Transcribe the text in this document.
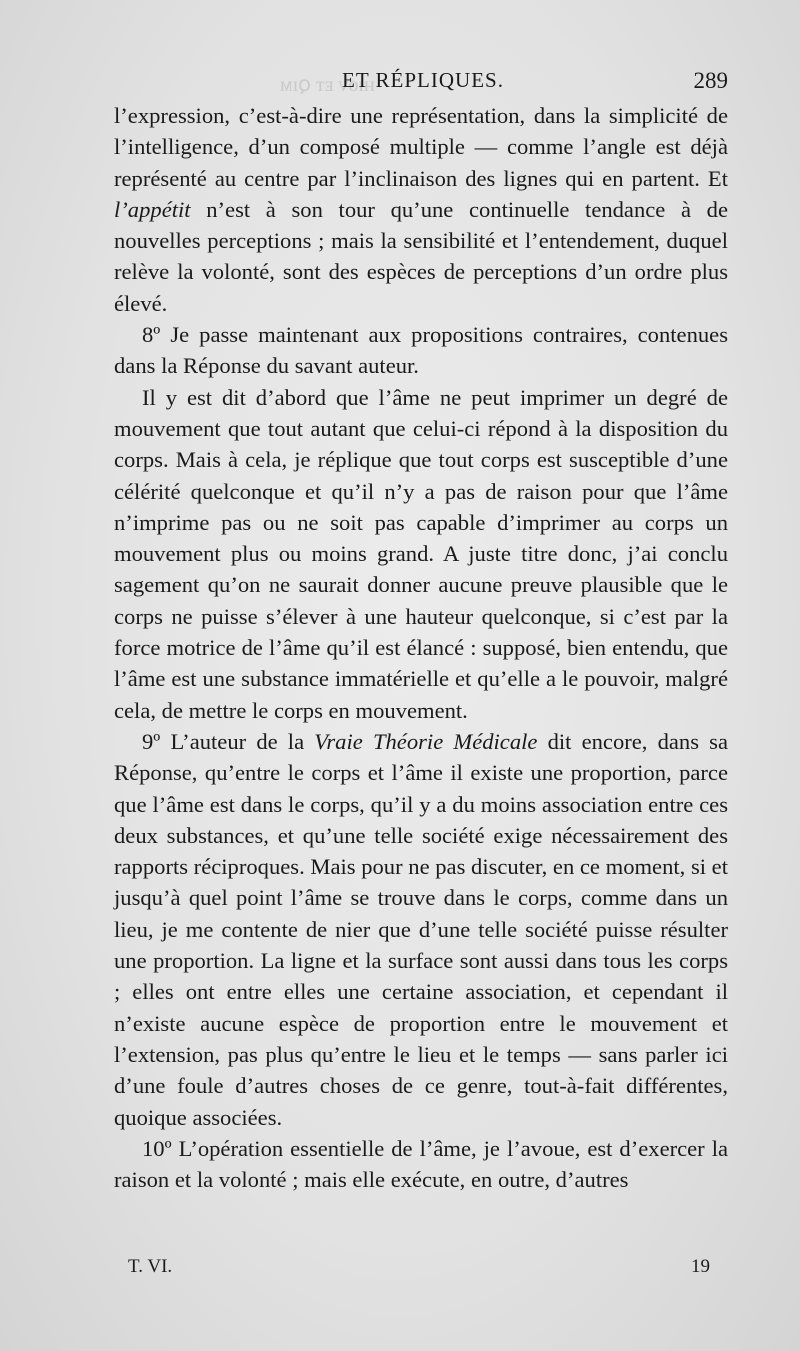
ʜɪᴏᴠ ᴇᴛ ꞯɪᴍ
ET RÉPLIQUES.	289

l’expression, c’est-à-dire une représentation, dans la simplicité de l’intelligence, d’un composé multiple — comme l’angle est déjà représenté au centre par l’inclinaison des lignes qui en partent. Et l’appétit n’est à son tour qu’une continuelle tendance à de nouvelles perceptions ; mais la sensibilité et l’entendement, duquel relève la volonté, sont des espèces de perceptions d’un ordre plus élevé.

8º Je passe maintenant aux propositions contraires, contenues dans la Réponse du savant auteur.

Il y est dit d’abord que l’âme ne peut imprimer un degré de mouvement que tout autant que celui-ci répond à la disposition du corps. Mais à cela, je réplique que tout corps est susceptible d’une célérité quelconque et qu’il n’y a pas de raison pour que l’âme n’imprime pas ou ne soit pas capable d’imprimer au corps un mouvement plus ou moins grand. A juste titre donc, j’ai conclu sagement qu’on ne saurait donner aucune preuve plausible que le corps ne puisse s’élever à une hauteur quelconque, si c’est par la force motrice de l’âme qu’il est élancé : supposé, bien entendu, que l’âme est une substance immatérielle et qu’elle a le pouvoir, malgré cela, de mettre le corps en mouvement.

9º L’auteur de la Vraie Théorie Médicale dit encore, dans sa Réponse, qu’entre le corps et l’âme il existe une proportion, parce que l’âme est dans le corps, qu’il y a du moins association entre ces deux substances, et qu’une telle société exige nécessairement des rapports réciproques. Mais pour ne pas discuter, en ce moment, si et jusqu’à quel point l’âme se trouve dans le corps, comme dans un lieu, je me contente de nier que d’une telle société puisse résulter une proportion. La ligne et la surface sont aussi dans tous les corps ; elles ont entre elles une certaine association, et cependant il n’existe aucune espèce de proportion entre le mouvement et l’extension, pas plus qu’entre le lieu et le temps — sans parler ici d’une foule d’autres choses de ce genre, tout-à-fait différentes, quoique associées.

10º L’opération essentielle de l’âme, je l’avoue, est d’exercer la raison et la volonté ; mais elle exécute, en outre, d’autres

T. VI.	19
